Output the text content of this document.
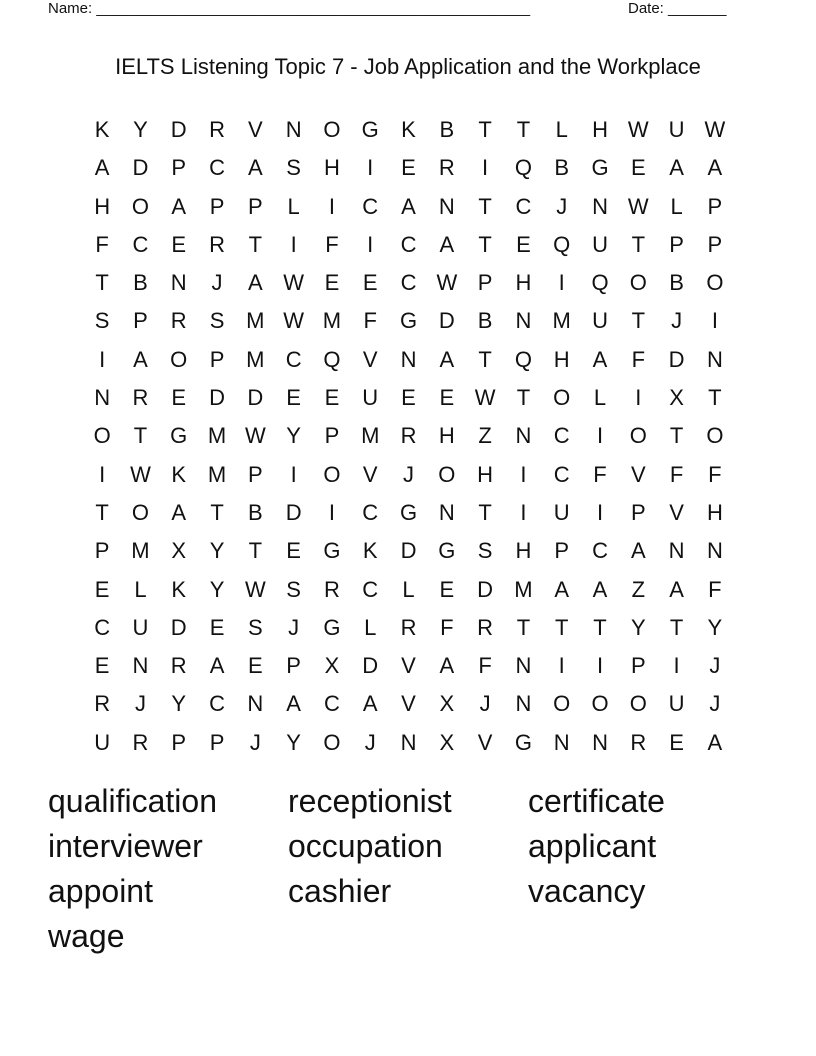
Name: ____________________________________________________	Date: _______
IELTS Listening Topic 7 - Job Application and the Workplace
K	Y	D	R	V	N O G	K	B	T	T	L	H W U W
A	D	P	C	A	S	H	I	E	R	I	Q	B	G	E	A	A
H O	A	P	P	L	I	C	A	N	T	C	J	N W L	P
F	C	E	R	T	I	F	I	C	A	T	E	Q U	T	P	P
T	B	N	J	A W E	E	C W P	H	I	Q O	B	O
S	P	R	S M W M	F	G D	B	N M U	T	J	I
I	A	O	P M C Q	V	N	A	T	Q H	A	F	D	N
N	R	E	D	D	E	E	U	E	E W T	O	L	I	X	T
O	T	G M W Y	P M R	H	Z	N	C	I	O	T	O
I	W K M P	I	O	V	J	O H	I	C	F	V	F	F
T	O	A	T	B	D	I	C G N	T	I	U	I	P	V	H
P M X	Y	T	E	G	K	D G	S	H	P	C	A	N	N
E	L	K	Y W S	R	C	L	E	D M A	A	Z	A	F
C	U	D	E	S	J	G	L	R	F	R	T	T	T	Y	T	Y
E	N	R	A	E	P	X	D	V	A	F	N	I	I	P	I	J
R	J	Y	C	N	A	C	A	V	X	J	N O O O U	J
U	R	P	P	J	Y	O	J	N	X	V	G N	N	R	E	A
qualification	receptionist	certificate
interviewer	occupation	applicant
appoint	cashier	vacancy
wage
